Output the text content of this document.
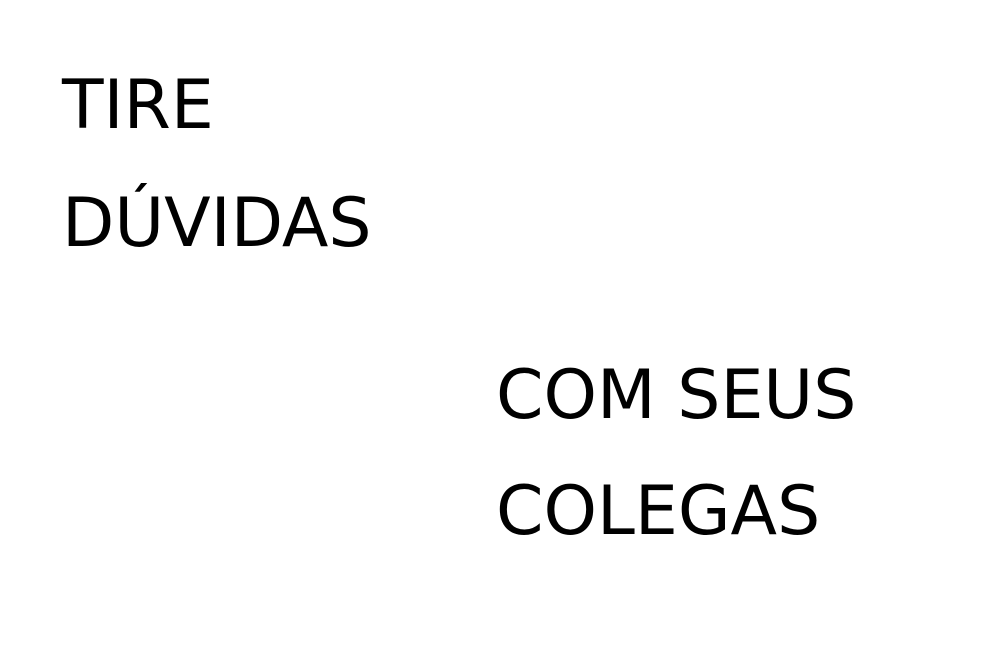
TIRE
DÚVIDAS
COM SEUS
COLEGAS
